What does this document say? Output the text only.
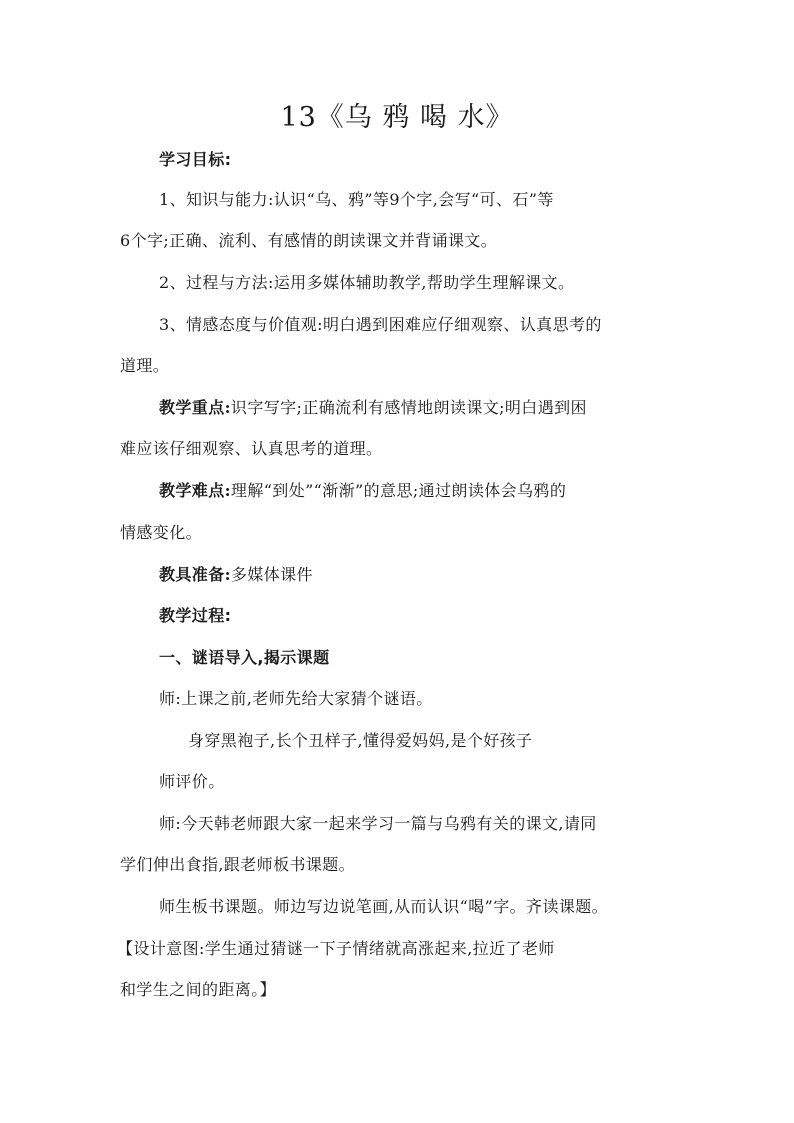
13《乌 鸦 喝 水》
学习目标:
1、知识与能力:认识“乌、鸦”等9个字,会写“可、石”等
6个字;正确、流利、有感情的朗读课文并背诵课文。
2、过程与方法:运用多媒体辅助教学,帮助学生理解课文。
3、情感态度与价值观:明白遇到困难应仔细观察、认真思考的
道理。
教学重点:识字写字;正确流利有感情地朗读课文;明白遇到困
难应该仔细观察、认真思考的道理。
教学难点:理解“到处”“渐渐”的意思;通过朗读体会乌鸦的
情感变化。
教具准备:多媒体课件
教学过程:
一、谜语导入,揭示课题
师:上课之前,老师先给大家猜个谜语。
身穿黑袍子,长个丑样子,懂得爱妈妈,是个好孩子
师评价。
师:今天韩老师跟大家一起来学习一篇与乌鸦有关的课文,请同
学们伸出食指,跟老师板书课题。
师生板书课题。师边写边说笔画,从而认识“喝”字。齐读课题。
【设计意图:学生通过猜谜一下子情绪就高涨起来,拉近了老师
和学生之间的距离。】
